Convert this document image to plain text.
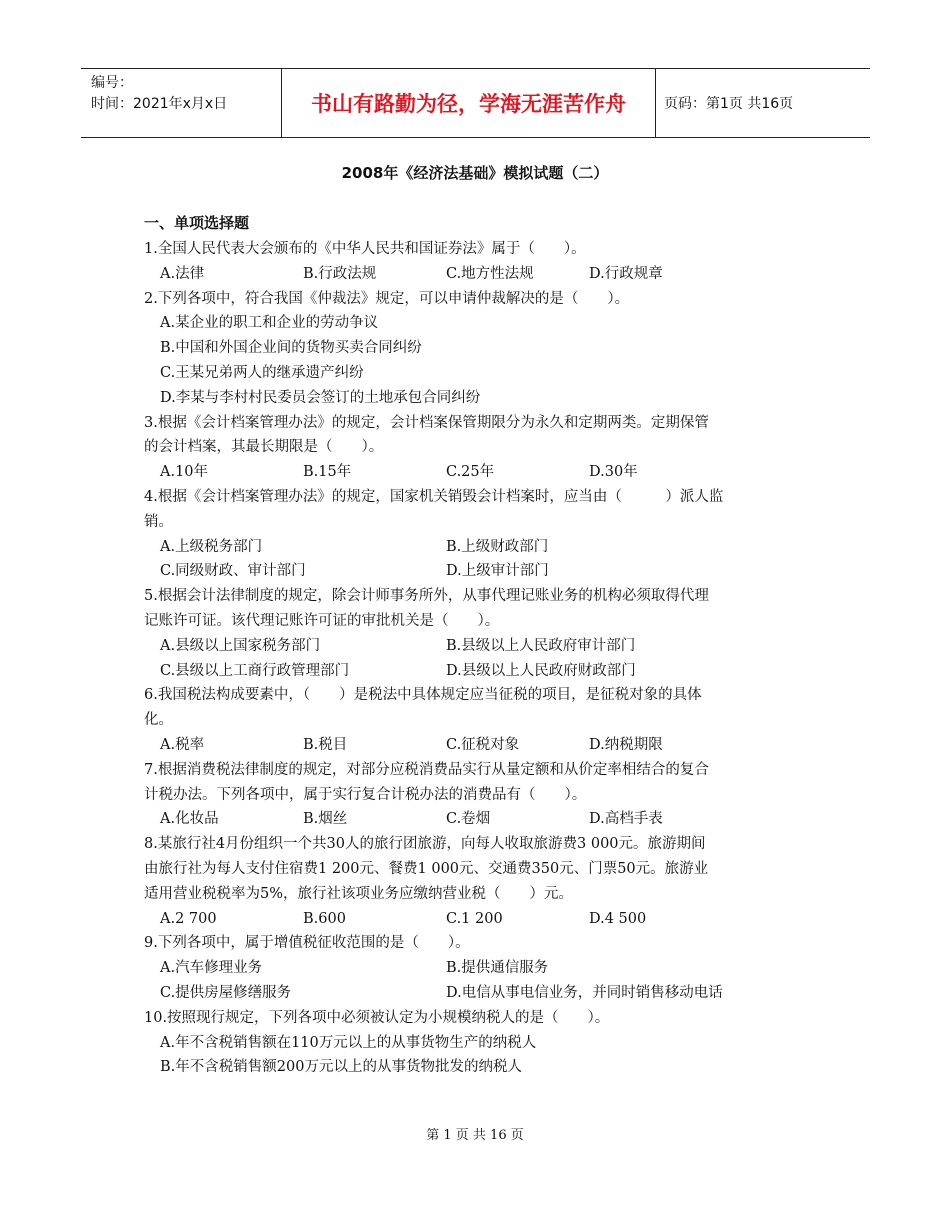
编号：
时间：2021年x月x日	书山有路勤为径，学海无涯苦作舟	页码：第1页 共16页
2008年《经济法基础》模拟试题（二）
一、单项选择题
1.全国人民代表大会颁布的《中华人民共和国证券法》属于（　　）。
A.法律	B.行政法规	C.地方性法规	D.行政规章
2.下列各项中，符合我国《仲裁法》规定，可以申请仲裁解决的是（　　）。
A.某企业的职工和企业的劳动争议
B.中国和外国企业间的货物买卖合同纠纷
C.王某兄弟两人的继承遗产纠纷
D.李某与李村村民委员会签订的土地承包合同纠纷
3.根据《会计档案管理办法》的规定，会计档案保管期限分为永久和定期两类。定期保管
的会计档案，其最长期限是（　　）。
A.10年	B.15年	C.25年	D.30年
4.根据《会计档案管理办法》的规定，国家机关销毁会计档案时，应当由（　　　）派人监
销。
A.上级税务部门	B.上级财政部门
C.同级财政、审计部门	D.上级审计部门
5.根据会计法律制度的规定，除会计师事务所外，从事代理记账业务的机构必须取得代理
记账许可证。该代理记账许可证的审批机关是（　　）。
A.县级以上国家税务部门	B.县级以上人民政府审计部门
C.县级以上工商行政管理部门	D.县级以上人民政府财政部门
6.我国税法构成要素中，（　　）是税法中具体规定应当征税的项目，是征税对象的具体
化。
A.税率	B.税目	C.征税对象	D.纳税期限
7.根据消费税法律制度的规定，对部分应税消费品实行从量定额和从价定率相结合的复合
计税办法。下列各项中，属于实行复合计税办法的消费品有（　　）。
A.化妆品	B.烟丝	C.卷烟	D.高档手表
8.某旅行社4月份组织一个共30人的旅行团旅游，向每人收取旅游费3 000元。旅游期间
由旅行社为每人支付住宿费1 200元、餐费1 000元、交通费350元、门票50元。旅游业
适用营业税税率为5%，旅行社该项业务应缴纳营业税（　　）元。
A.2 700	B.600	C.1 200	D.4 500
9.下列各项中，属于增值税征收范围的是（　　）。
A.汽车修理业务	B.提供通信服务
C.提供房屋修缮服务	D.电信从事电信业务，并同时销售移动电话
10.按照现行规定，下列各项中必须被认定为小规模纳税人的是（　　）。
A.年不含税销售额在110万元以上的从事货物生产的纳税人
B.年不含税销售额200万元以上的从事货物批发的纳税人
第 1 页 共 16 页
